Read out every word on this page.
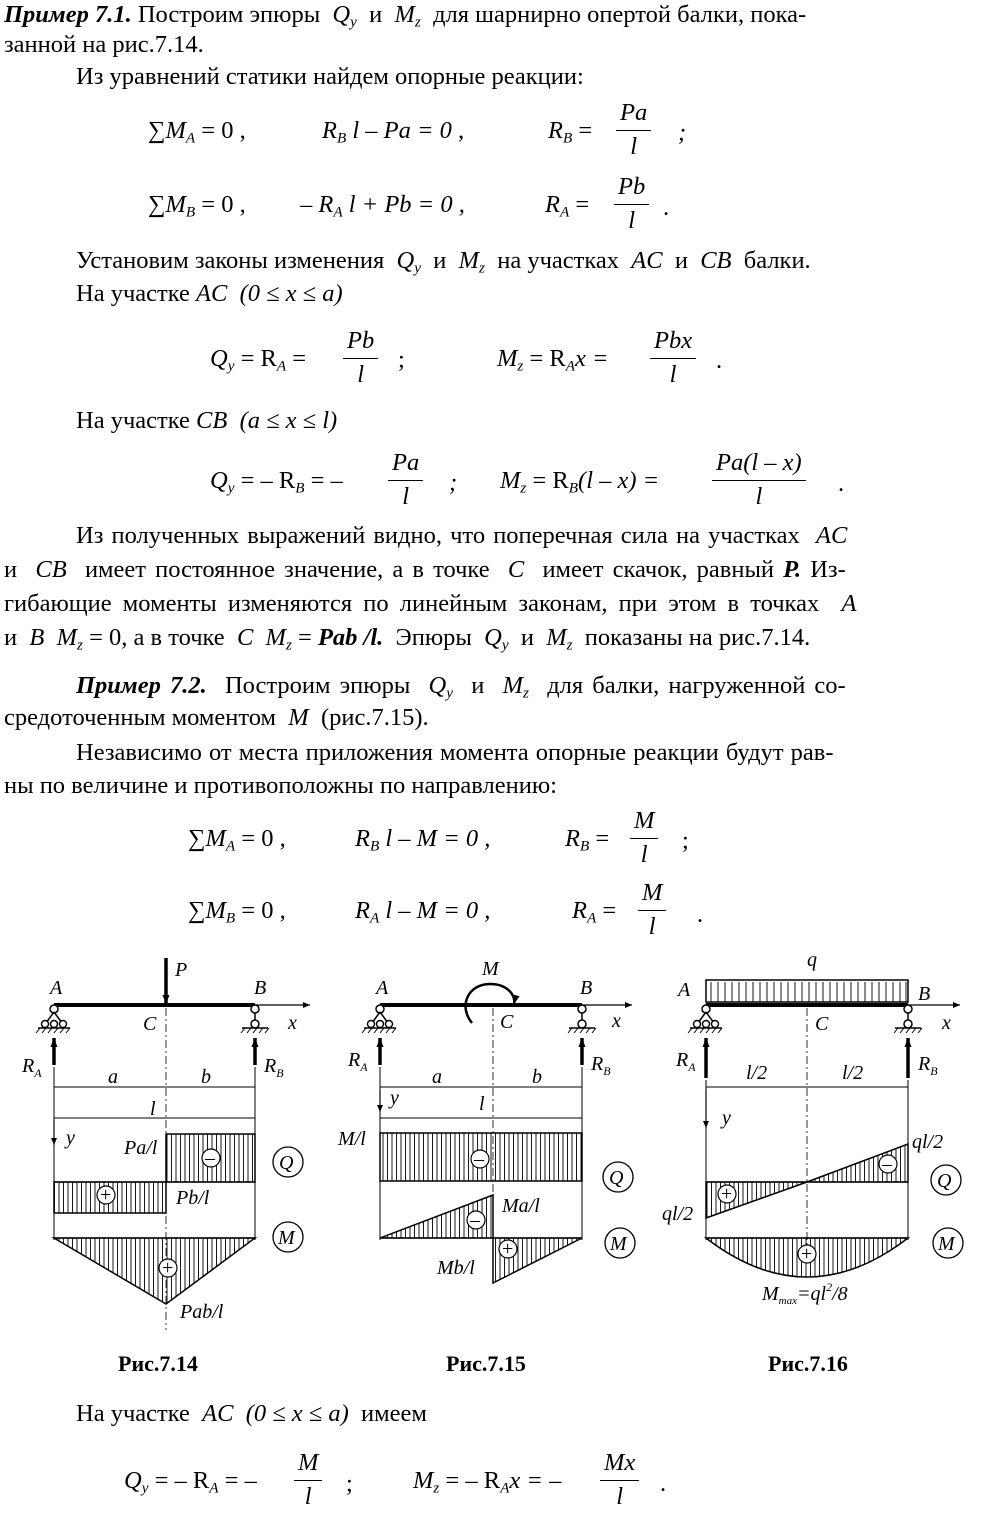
Пример 7.1. Построим эпюры $Q_y$ и $M_z$ для шарнирно опертой балки, пока-
занной на рис.7.14.
Из уравнений статики найдем опорные реакции:
$\sum M_A = 0$ ,	$R_B$ l – Pa = 0 ,	$R_B = \frac{Pa}{l}$ ;
$\sum M_B = 0$ , – $R_A$ l + Pb = 0 ,	$R_A = \frac{Pb}{l}$ .
Установим законы изменения $Q_y$ и $M_z$ на участках AC и CB балки.
На участке AC (0 ≤ x ≤ a)
$Q_y = R_A = \frac{Pb}{l}$ ;	$M_z = R_Ax$ =
Pbx
l
.
На участке CB (a ≤ x ≤ l)
$Q_y$ = – $R_B$ = – $\frac{Pa}{l}$ ; $M_z = R_B(l - x) = \frac{Pa(l - x)}{l}$ .
Из полученных выражений видно, что поперечная сила на участках AC
и CB имеет постоянное значение, а в точке C имеет скачок, равный P. Из-
гибающие моменты изменяются по линейным законам, при этом в точках A
и B $M_z = 0$, а в точке C $M_z$ = Pab /l. Эпюры $Q_y$ и $M_z$ показаны на рис.7.14.
Пример 7.2. Построим эпюры $Q_y$ и $M_z$ для балки, нагруженной со-
средоточенным моментом M (рис.7.15).
Независимо от места приложения момента опорные реакции будут рав-
ны по величине и противоположны по направлению:
$\sum M_A = 0$ ,	$R_B$ l – M = 0 ,	$R_B = \frac{M}{l}$ ;
$\sum M_B = 0$ ,	$R_A$ l – M = 0 ,	$R_A = \frac{M}{l}$ .
A	B
C
P
x
$R_A$	$R_B$
a	b
l
y Pa/l
Pb/l
–
+
Q
+
Pab/l
M
A	B
C
M
x
$R_A$	$R_B$
a	b
l
y
M/l
–
Q
–
+
Ma/l
Mb/l
M
q
A	B
C	x
$R_A$	$R_B$
l/2	l/2
y
ql/2
ql/2
+
–
Q
+
$M_{max}=ql^2/8$
M
Рис.7.14	Рис.7.15	Рис.7.16
На участке AC (0 ≤ x ≤ a) имеем
$Q_y$ = – $R_A$ = – $\frac{M}{l}$ ; $M_z$ = – $R_Ax$ = – $\frac{Mx}{l}$ .
